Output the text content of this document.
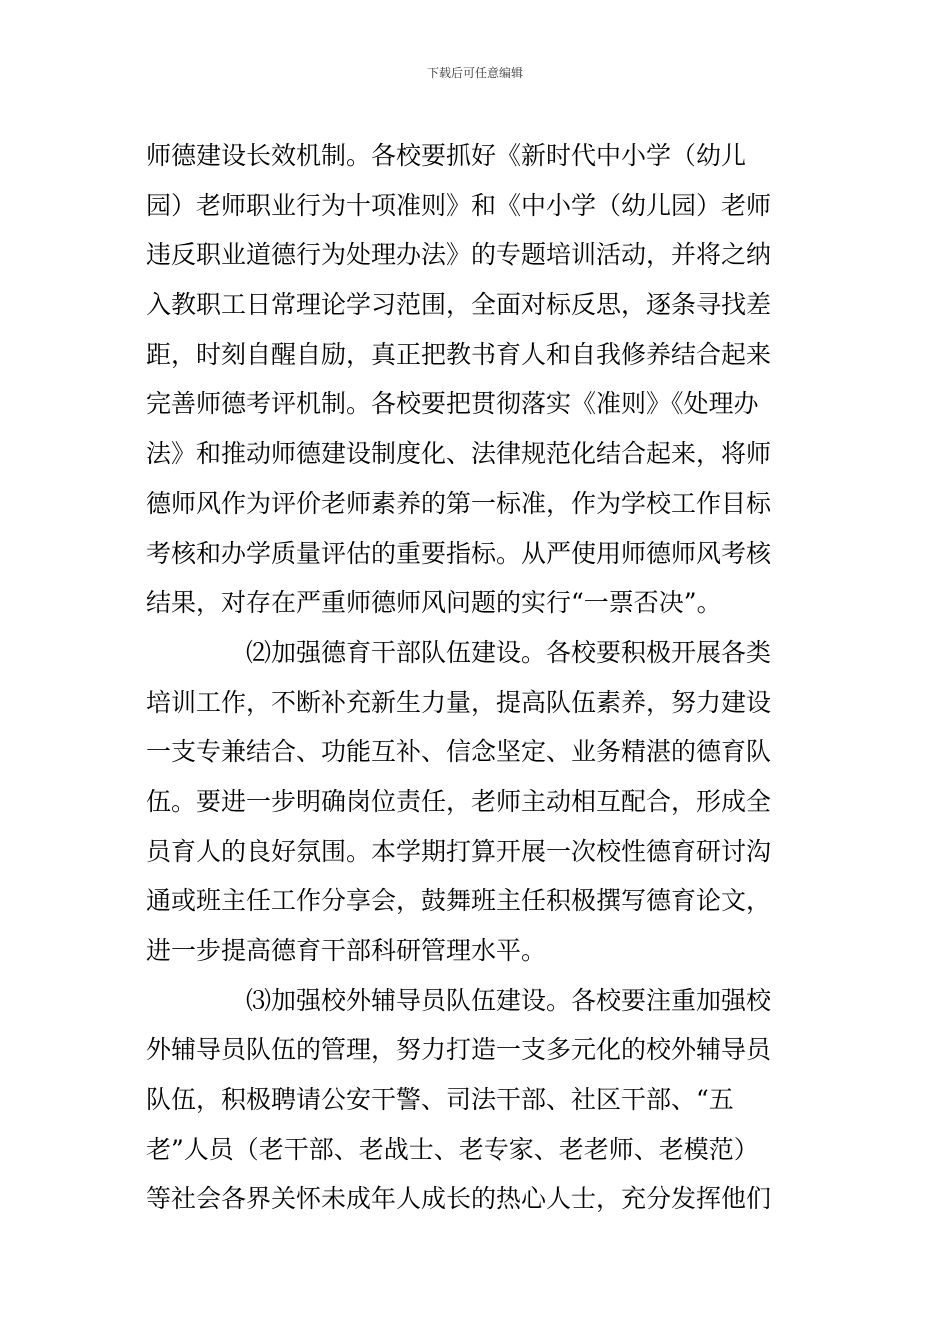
下载后可任意编辑
师德建设长效机制。各校要抓好《新时代中小学（幼儿
园）老师职业行为十项准则》和《中小学（幼儿园）老师
违反职业道德行为处理办法》的专题培训活动，并将之纳
入教职工日常理论学习范围，全面对标反思，逐条寻找差
距，时刻自醒自励，真正把教书育人和自我修养结合起来
完善师德考评机制。各校要把贯彻落实《准则》《处理办
法》和推动师德建设制度化、法律规范化结合起来，将师
德师风作为评价老师素养的第一标准，作为学校工作目标
考核和办学质量评估的重要指标。从严使用师德师风考核
结果，对存在严重师德师风问题的实行“一票否决”。
⑵加强德育干部队伍建设。各校要积极开展各类
培训工作，不断补充新生力量，提高队伍素养，努力建设
一支专兼结合、功能互补、信念坚定、业务精湛的德育队
伍。要进一步明确岗位责任，老师主动相互配合，形成全
员育人的良好氛围。本学期打算开展一次校性德育研讨沟
通或班主任工作分享会，鼓舞班主任积极撰写德育论文，
进一步提高德育干部科研管理水平。
⑶加强校外辅导员队伍建设。各校要注重加强校
外辅导员队伍的管理，努力打造一支多元化的校外辅导员
队伍，积极聘请公安干警、司法干部、社区干部、“五
老”人员（老干部、老战士、老专家、老老师、老模范）
等社会各界关怀未成年人成长的热心人士，充分发挥他们
